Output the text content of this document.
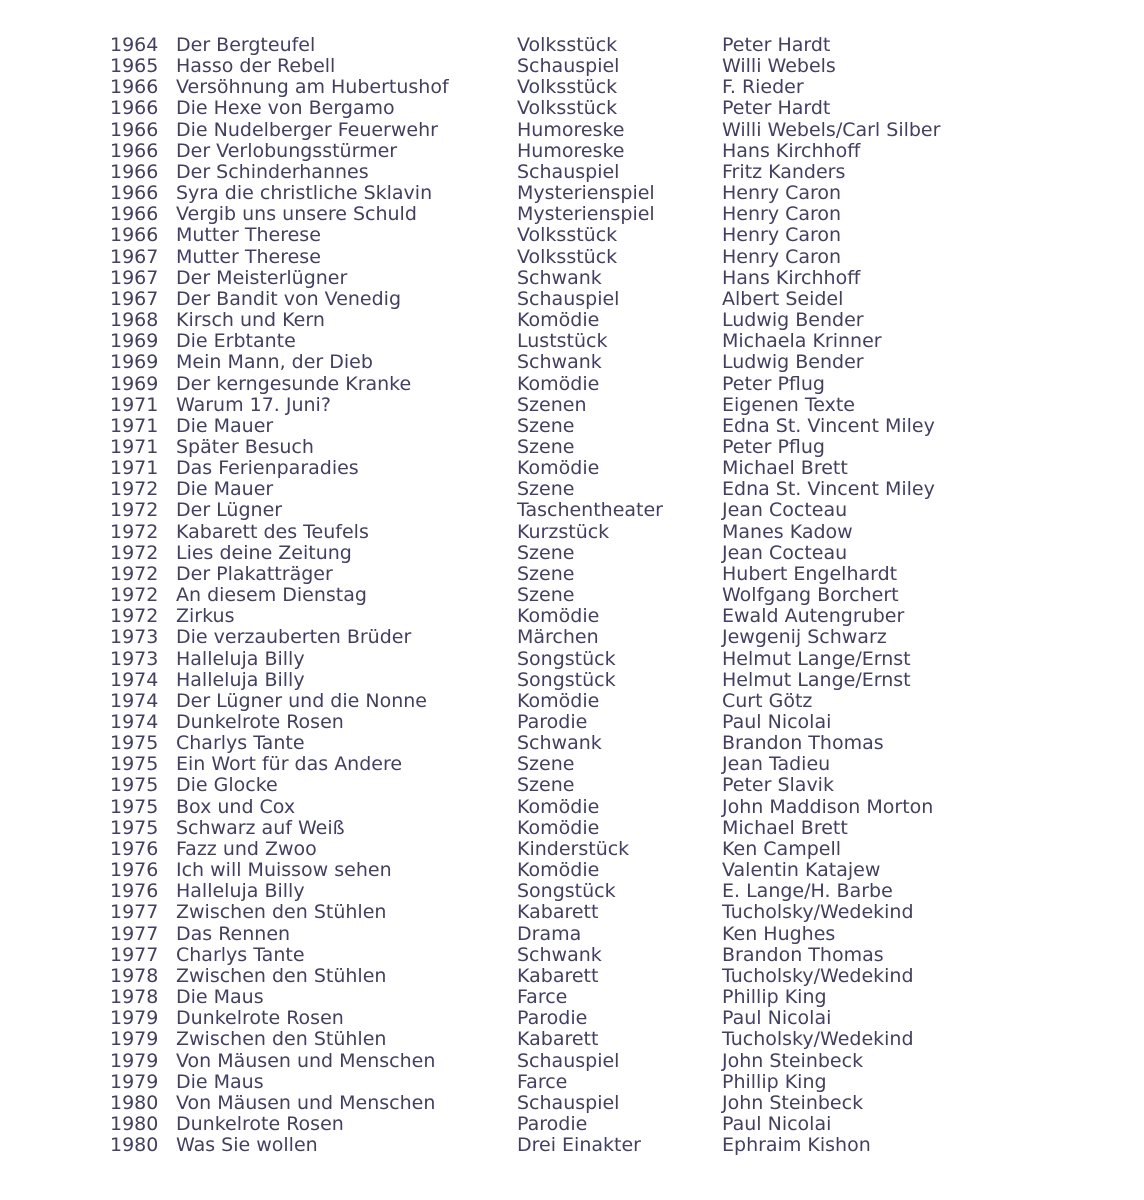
1964 Der Bergteufel	Volksstück	Peter Hardt
1965 Hasso der Rebell	Schauspiel	Willi Webels
1966 Versöhnung am Hubertushof	Volksstück	F. Rieder
1966 Die Hexe von Bergamo	Volksstück	Peter Hardt
1966 Die Nudelberger Feuerwehr	Humoreske	Willi Webels/Carl Silber
1966 Der Verlobungsstürmer	Humoreske	Hans Kirchhoff
1966 Der Schinderhannes	Schauspiel	Fritz Kanders
1966 Syra die christliche Sklavin	Mysterienspiel	Henry Caron
1966 Vergib uns unsere Schuld	Mysterienspiel	Henry Caron
1966 Mutter Therese	Volksstück	Henry Caron
1967 Mutter Therese	Volksstück	Henry Caron
1967 Der Meisterlügner	Schwank	Hans Kirchhoff
1967 Der Bandit von Venedig	Schauspiel	Albert Seidel
1968 Kirsch und Kern	Komödie	Ludwig Bender
1969 Die Erbtante	Luststück	Michaela Krinner
1969 Mein Mann, der Dieb	Schwank	Ludwig Bender
1969 Der kerngesunde Kranke	Komödie	Peter Pflug
1971 Warum 17. Juni?	Szenen	Eigenen Texte
1971 Die Mauer	Szene	Edna St. Vincent Miley
1971 Später Besuch	Szene	Peter Pflug
1971 Das Ferienparadies	Komödie	Michael Brett
1972 Die Mauer	Szene	Edna St. Vincent Miley
1972 Der Lügner	Taschentheater	Jean Cocteau
1972 Kabarett des Teufels	Kurzstück	Manes Kadow
1972 Lies deine Zeitung	Szene	Jean Cocteau
1972 Der Plakatträger	Szene	Hubert Engelhardt
1972 An diesem Dienstag	Szene	Wolfgang Borchert
1972 Zirkus	Komödie	Ewald Autengruber
1973 Die verzauberten Brüder	Märchen	Jewgenij Schwarz
1973 Halleluja Billy	Songstück	Helmut Lange/Ernst
1974 Halleluja Billy	Songstück	Helmut Lange/Ernst
1974 Der Lügner und die Nonne	Komödie	Curt Götz
1974 Dunkelrote Rosen	Parodie	Paul Nicolai
1975 Charlys Tante	Schwank	Brandon Thomas
1975 Ein Wort für das Andere	Szene	Jean Tadieu
1975 Die Glocke	Szene	Peter Slavik
1975 Box und Cox	Komödie	John Maddison Morton
1975 Schwarz auf Weiß	Komödie	Michael Brett
1976 Fazz und Zwoo	Kinderstück	Ken Campell
1976 Ich will Muissow sehen	Komödie	Valentin Katajew
1976 Halleluja Billy	Songstück	E. Lange/H. Barbe
1977 Zwischen den Stühlen	Kabarett	Tucholsky/Wedekind
1977 Das Rennen	Drama	Ken Hughes
1977 Charlys Tante	Schwank	Brandon Thomas
1978 Zwischen den Stühlen	Kabarett	Tucholsky/Wedekind
1978 Die Maus	Farce	Phillip King
1979 Dunkelrote Rosen	Parodie	Paul Nicolai
1979 Zwischen den Stühlen	Kabarett	Tucholsky/Wedekind
1979 Von Mäusen und Menschen	Schauspiel	John Steinbeck
1979 Die Maus	Farce	Phillip King
1980 Von Mäusen und Menschen	Schauspiel	John Steinbeck
1980 Dunkelrote Rosen	Parodie	Paul Nicolai
1980 Was Sie wollen	Drei Einakter	Ephraim Kishon
